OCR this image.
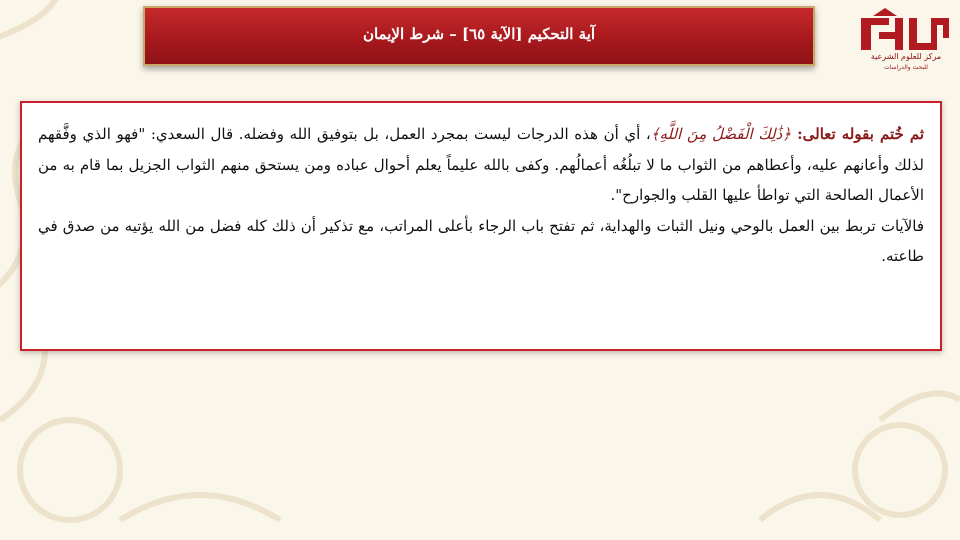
آية التحكيم [الآية ٦٥] – شرط الإيمان
مركز للعلوم الشرعية
للبحث والدراسات

ثم خُتم بقوله تعالى: ﴿ذَٰلِكَ الْفَضْلُ مِنَ اللَّهِ﴾، أي أن هذه الدرجات ليست بمجرد العمل، بل بتوفيق الله وفضله. قال السعدي: "فهو الذي وفَّقهم لذلك وأعانهم عليه، وأعطاهم من الثواب ما لا تبلُغُه أعمالُهم. وكفى بالله عليماً يعلم أحوال عباده ومن يستحق منهم الثواب الجزيل بما قام به من الأعمال الصالحة التي تواطأ عليها القلب والجوارح".

فالآيات تربط بين العمل بالوحي ونيل الثبات والهداية، ثم تفتح باب الرجاء بأعلى المراتب، مع تذكير أن ذلك كله فضل من الله يؤتيه من صدق في طاعته.
